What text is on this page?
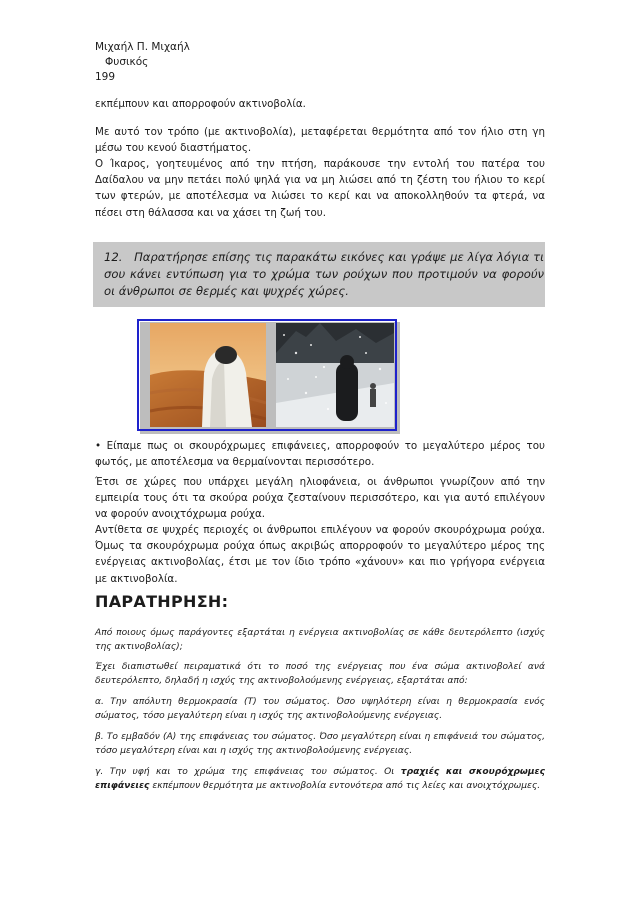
Μιχαήλ Π. Μιχαήλ
Φυσικός
199
εκπέμπουν και απορροφούν ακτινοβολία.
Με αυτό τον τρόπο (με ακτινοβολία), μεταφέρεται θερμότητα από τον ήλιο στη γη μέσω του κενού διαστήματος.
Ο Ίκαρος, γοητευμένος από την πτήση, παράκουσε την εντολή του πατέρα του Δαίδαλου να μην πετάει πολύ ψηλά για να μη λιώσει από τη ζέστη του ήλιου το κερί των φτερών, με αποτέλεσμα να λιώσει το κερί και να αποκολληθούν τα φτερά, να πέσει στη θάλασσα και να χάσει τη ζωή του.
12. Παρατήρησε επίσης τις παρακάτω εικόνες και γράψε με λίγα λόγια τι σου κάνει εντύπωση για το χρώμα των ρούχων που προτιμούν να φορούν οι άνθρωποι σε θερμές και ψυχρές χώρες.
• Είπαμε πως οι σκουρόχρωμες επιφάνειες, απορροφούν το μεγαλύτερο μέρος του φωτός, με αποτέλεσμα να θερμαίνονται περισσότερο.
Έτσι σε χώρες που υπάρχει μεγάλη ηλιοφάνεια, οι άνθρωποι γνωρίζουν από την εμπειρία τους ότι τα σκούρα ρούχα ζεσταίνουν περισσότερο, και για αυτό επιλέγουν να φορούν ανοιχτόχρωμα ρούχα.
Αντίθετα σε ψυχρές περιοχές οι άνθρωποι επιλέγουν να φορούν σκουρόχρωμα ρούχα. Όμως τα σκουρόχρωμα ρούχα όπως ακριβώς απορροφούν το μεγαλύτερο μέρος της ενέργειας ακτινοβολίας, έτσι με τον ίδιο τρόπο «χάνουν» και πιο γρήγορα ενέργεια με ακτινοβολία.
ΠΑΡΑΤΗΡΗΣΗ:
Από ποιους όμως παράγοντες εξαρτάται η ενέργεια ακτινοβολίας σε κάθε δευτερόλεπτο (ισχύς της ακτινοβολίας);
Έχει διαπιστωθεί πειραματικά ότι το ποσό της ενέργειας που ένα σώμα ακτινοβολεί ανά δευτερόλεπτο, δηλαδή η ισχύς της ακτινοβολούμενης ενέργειας, εξαρτάται από:
α. Την απόλυτη θερμοκρασία (Τ) του σώματος. Όσο υψηλότερη είναι η θερμοκρασία ενός σώματος, τόσο μεγαλύτερη είναι η ισχύς της ακτινοβολούμενης ενέργειας.
β. Το εμβαδόν (Α) της επιφάνειας του σώματος. Όσο μεγαλύτερη είναι η επιφάνειά του σώματος, τόσο μεγαλύτερη είναι και η ισχύς της ακτινοβολούμενης ενέργειας.
γ. Την υφή και το χρώμα της επιφάνειας του σώματος. Οι τραχιές και σκουρόχρωμες επιφάνειες εκπέμπουν θερμότητα με ακτινοβολία εντονότερα από τις λείες και ανοιχτόχρωμες.
